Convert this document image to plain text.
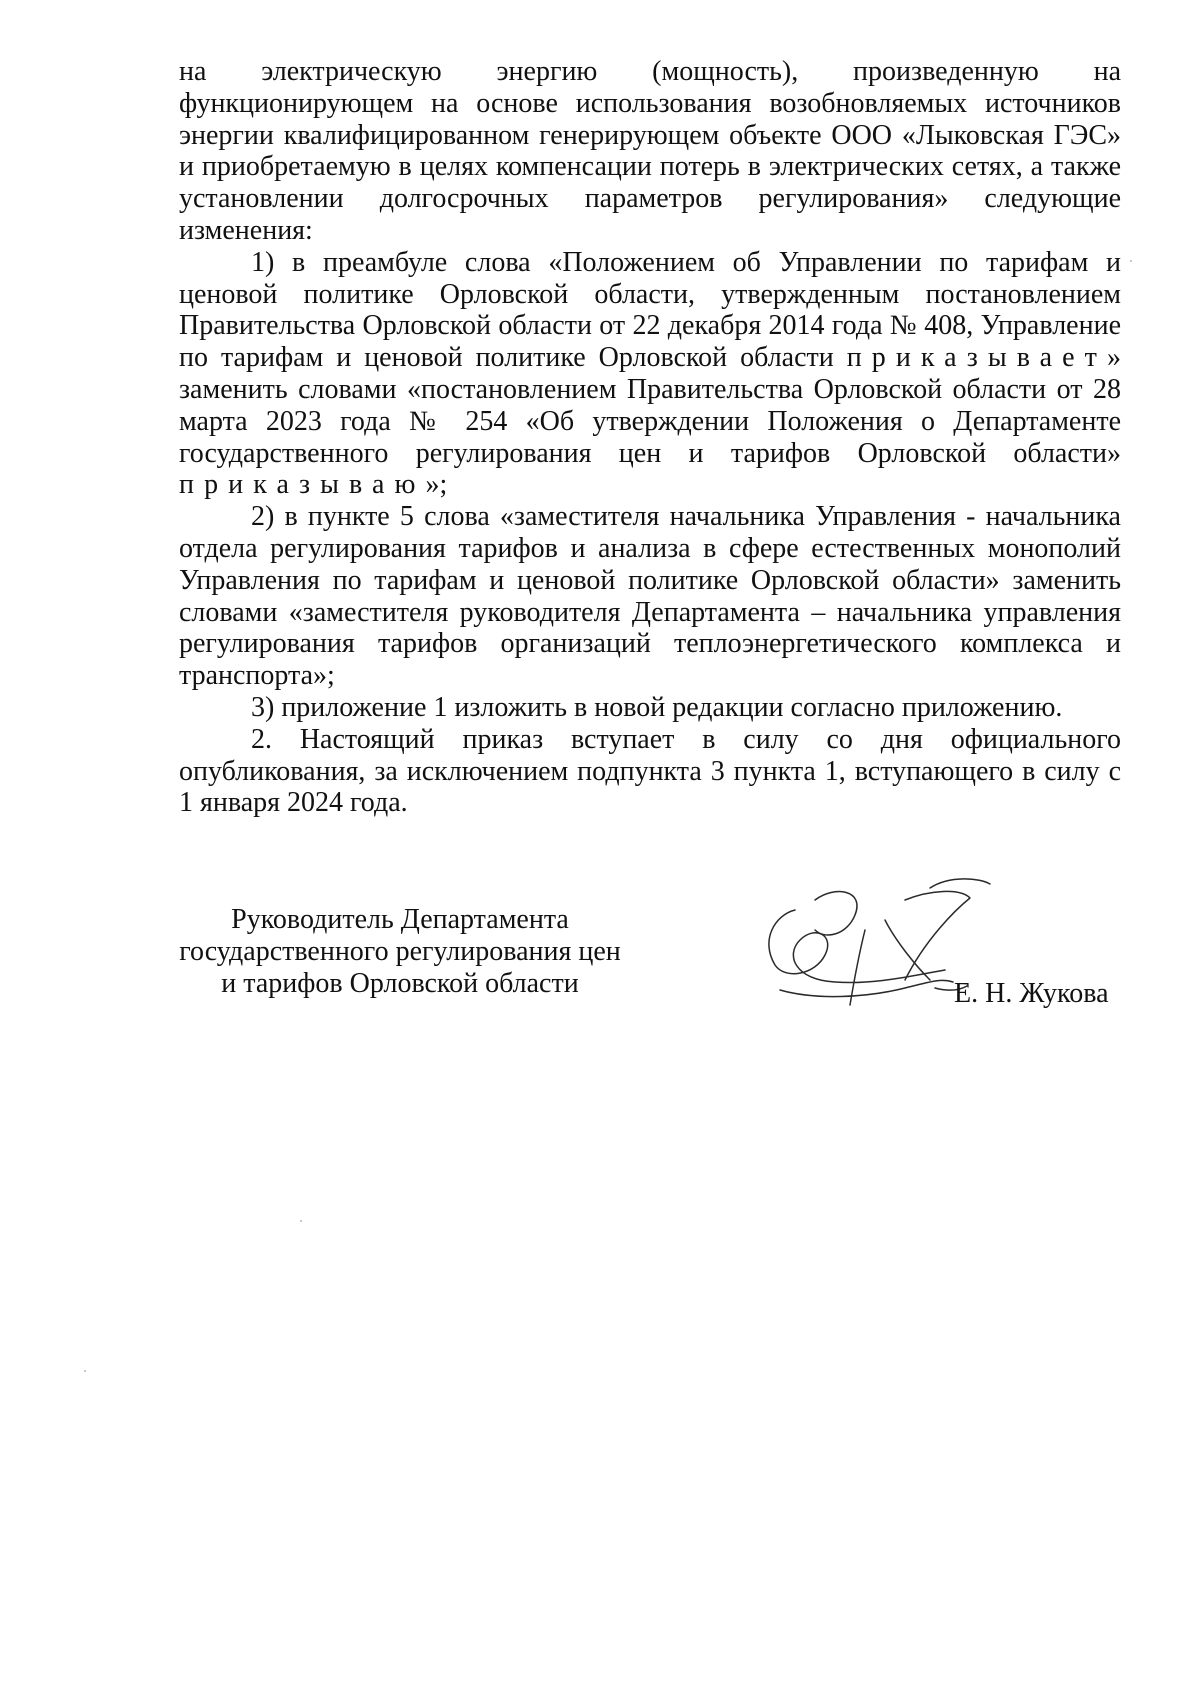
на электрическую энергию (мощность), произведенную на функционирующем на основе использования возобновляемых источников энергии квалифицированном генерирующем объекте ООО «Лыковская ГЭС» и приобретаемую в целях компенсации потерь в электрических сетях, а также установлении долгосрочных параметров регулирования» следующие изменения:

1) в преамбуле слова «Положением об Управлении по тарифам и ценовой политике Орловской области, утвержденным постановлением Правительства Орловской области от 22 декабря 2014 года № 408, Управление по тарифам и ценовой политике Орловской области приказывает» заменить словами «постановлением Правительства Орловской области от 28 марта 2023 года № 254 «Об утверждении Положения о Департаменте государственного регулирования цен и тарифов Орловской области» приказываю»;

2) в пункте 5 слова «заместителя начальника Управления - начальника отдела регулирования тарифов и анализа в сфере естественных монополий Управления по тарифам и ценовой политике Орловской области» заменить словами «заместителя руководителя Департамента – начальника управления регулирования тарифов организаций теплоэнергетического комплекса и транспорта»;

3) приложение 1 изложить в новой редакции согласно приложению.

2. Настоящий приказ вступает в силу со дня официального опубликования, за исключением подпункта 3 пункта 1, вступающего в силу с 1 января 2024 года.

Руководитель Департамента
государственного регулирования цен
и тарифов Орловской области	Е. Н. Жукова
